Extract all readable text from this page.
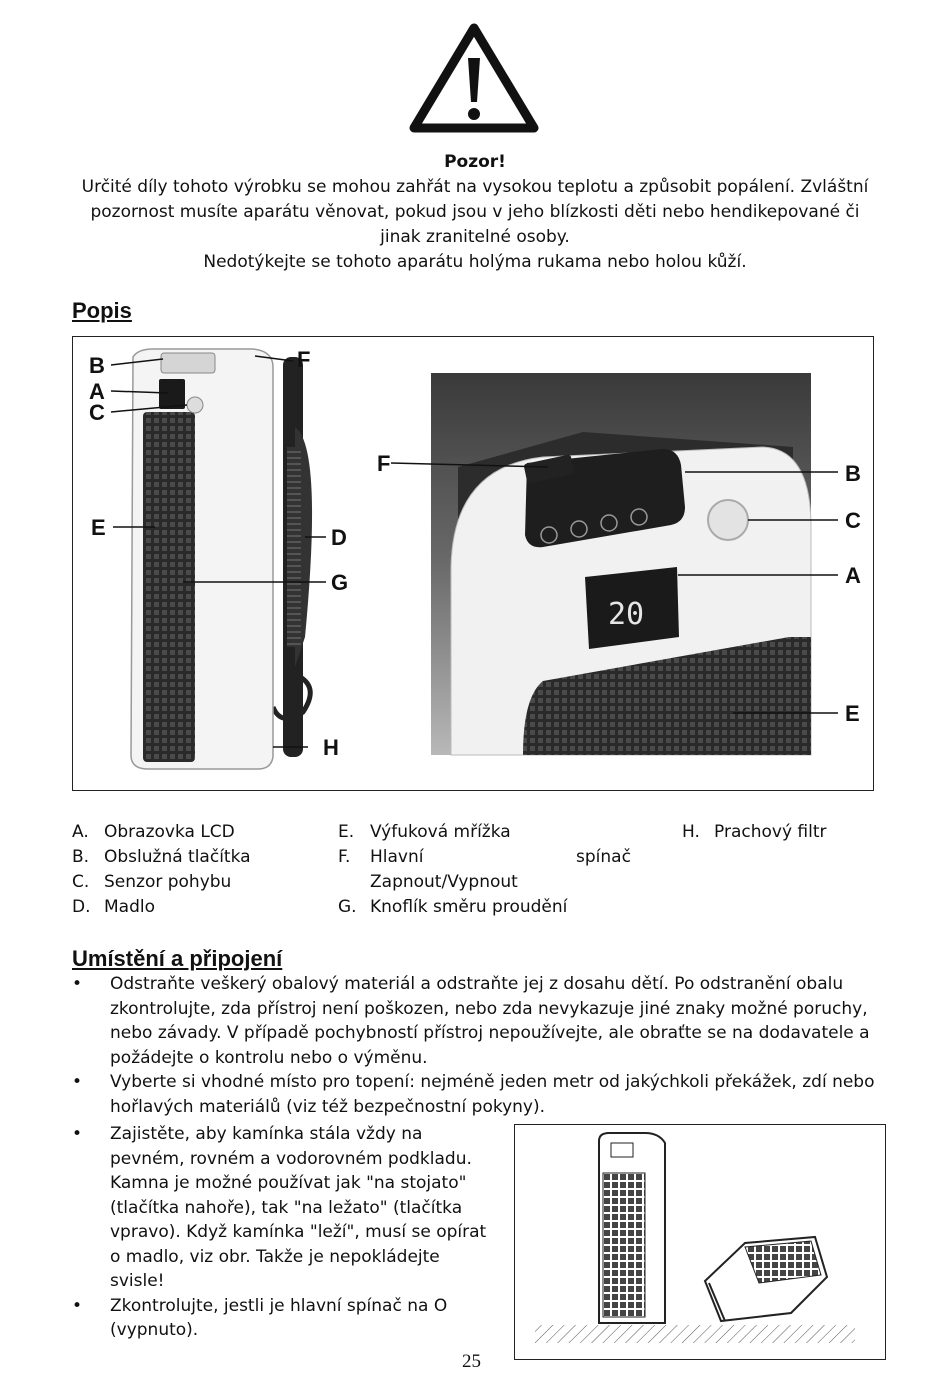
Pozor!
Určité díly tohoto výrobku se mohou zahřát na vysokou teplotu a způsobit popálení. Zvláštní
pozornost musíte aparátu věnovat, pokud jsou v jeho blízkosti děti nebo hendikepované či
jinak zranitelné osoby.
Nedotýkejte se tohoto aparátu holýma rukama nebo holou kůží.
Popis
20
B
A
C
E
F
D
G
H
F	B
C
A
E
A. Obrazovka LCD
B. Obslužná tlačítka
C. Senzor pohybu
D. Madlo
E. Výfuková mřížka
F. Hlavní	spínač
Zapnout/Vypnout
G. Knoflík směru proudění
H. Prachový filtr
Umístění a připojení
• Odstraňte veškerý obalový materiál a odstraňte jej z dosahu dětí. Po odstranění obalu zkontrolujte, zda přístroj není poškozen, nebo zda nevykazuje jiné znaky možné poruchy, nebo závady. V případě pochybností přístroj nepoužívejte, ale obraťte se na dodavatele a požádejte o kontrolu nebo o výměnu.
• Vyberte si vhodné místo pro topení: nejméně jeden metr od jakýchkoli překážek, zdí nebo hořlavých materiálů (viz též bezpečnostní pokyny).
• Zajistěte, aby kamínka stála vždy na pevném, rovném a vodorovném podkladu. Kamna je možné používat jak "na stojato" (tlačítka nahoře), tak "na ležato" (tlačítka vpravo). Když kamínka "leží", musí se opírat o madlo, viz obr. Takže je nepokládejte svisle!
• Zkontrolujte, jestli je hlavní spínač na O (vypnuto).
25
